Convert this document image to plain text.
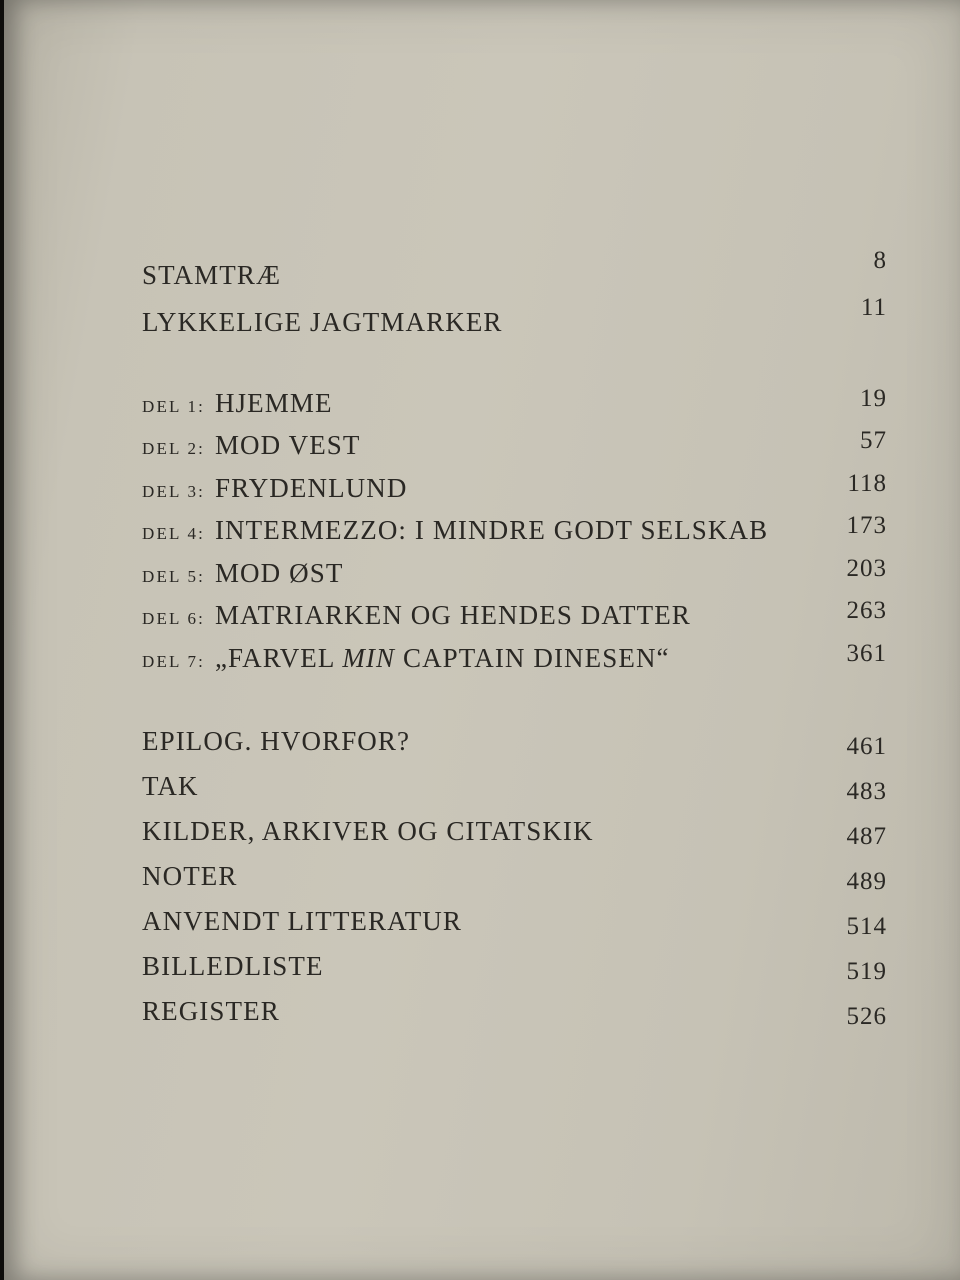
STAMTRÆ	8
LYKKELIGE JAGTMARKER	11
DEL 1: HJEMME	19
DEL 2: MOD VEST	57
DEL 3: FRYDENLUND	118
DEL 4: INTERMEZZO: I MINDRE GODT SELSKAB	173
DEL 5: MOD ØST	203
DEL 6: MATRIARKEN OG HENDES DATTER	263
DEL 7: „FARVEL MIN CAPTAIN DINESEN“	361
EPILOG. HVORFOR?	461
TAK	483
KILDER, ARKIVER OG CITATSKIK	487
NOTER	489
ANVENDT LITTERATUR	514
BILLEDLISTE	519
REGISTER	526
